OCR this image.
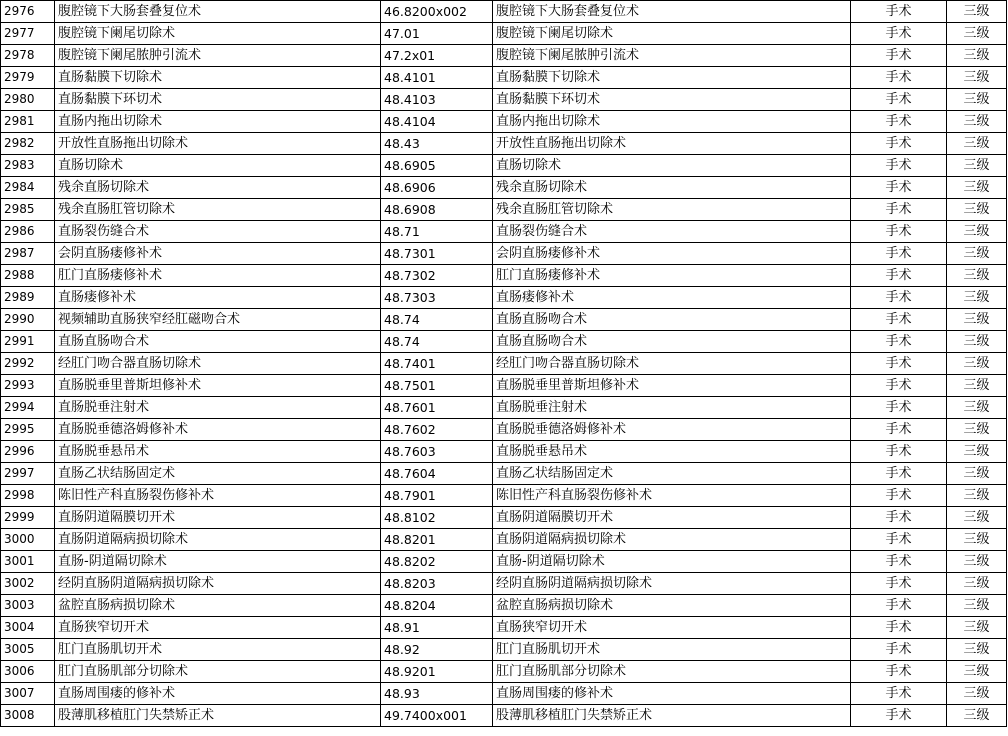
2976	腹腔镜下大肠套叠复位术	46.8200x002	腹腔镜下大肠套叠复位术	手术	三级
2977	腹腔镜下阑尾切除术	47.01	腹腔镜下阑尾切除术	手术	三级
2978	腹腔镜下阑尾脓肿引流术	47.2x01	腹腔镜下阑尾脓肿引流术	手术	三级
2979	直肠黏膜下切除术	48.4101	直肠黏膜下切除术	手术	三级
2980	直肠黏膜下环切术	48.4103	直肠黏膜下环切术	手术	三级
2981	直肠内拖出切除术	48.4104	直肠内拖出切除术	手术	三级
2982	开放性直肠拖出切除术	48.43	开放性直肠拖出切除术	手术	三级
2983	直肠切除术	48.6905	直肠切除术	手术	三级
2984	残余直肠切除术	48.6906	残余直肠切除术	手术	三级
2985	残余直肠肛管切除术	48.6908	残余直肠肛管切除术	手术	三级
2986	直肠裂伤缝合术	48.71	直肠裂伤缝合术	手术	三级
2987	会阴直肠瘘修补术	48.7301	会阴直肠瘘修补术	手术	三级
2988	肛门直肠瘘修补术	48.7302	肛门直肠瘘修补术	手术	三级
2989	直肠瘘修补术	48.7303	直肠瘘修补术	手术	三级
2990	视频辅助直肠狭窄经肛磁吻合术	48.74	直肠直肠吻合术	手术	三级
2991	直肠直肠吻合术	48.74	直肠直肠吻合术	手术	三级
2992	经肛门吻合器直肠切除术	48.7401	经肛门吻合器直肠切除术	手术	三级
2993	直肠脱垂里普斯坦修补术	48.7501	直肠脱垂里普斯坦修补术	手术	三级
2994	直肠脱垂注射术	48.7601	直肠脱垂注射术	手术	三级
2995	直肠脱垂德洛姆修补术	48.7602	直肠脱垂德洛姆修补术	手术	三级
2996	直肠脱垂悬吊术	48.7603	直肠脱垂悬吊术	手术	三级
2997	直肠乙状结肠固定术	48.7604	直肠乙状结肠固定术	手术	三级
2998	陈旧性产科直肠裂伤修补术	48.7901	陈旧性产科直肠裂伤修补术	手术	三级
2999	直肠阴道隔膜切开术	48.8102	直肠阴道隔膜切开术	手术	三级
3000	直肠阴道隔病损切除术	48.8201	直肠阴道隔病损切除术	手术	三级
3001	直肠-阴道隔切除术	48.8202	直肠-阴道隔切除术	手术	三级
3002	经阴直肠阴道隔病损切除术	48.8203	经阴直肠阴道隔病损切除术	手术	三级
3003	盆腔直肠病损切除术	48.8204	盆腔直肠病损切除术	手术	三级
3004	直肠狭窄切开术	48.91	直肠狭窄切开术	手术	三级
3005	肛门直肠肌切开术	48.92	肛门直肠肌切开术	手术	三级
3006	肛门直肠肌部分切除术	48.9201	肛门直肠肌部分切除术	手术	三级
3007	直肠周围瘘的修补术	48.93	直肠周围瘘的修补术	手术	三级
3008	股薄肌移植肛门失禁矫正术	49.7400x001	股薄肌移植肛门失禁矫正术	手术	三级
